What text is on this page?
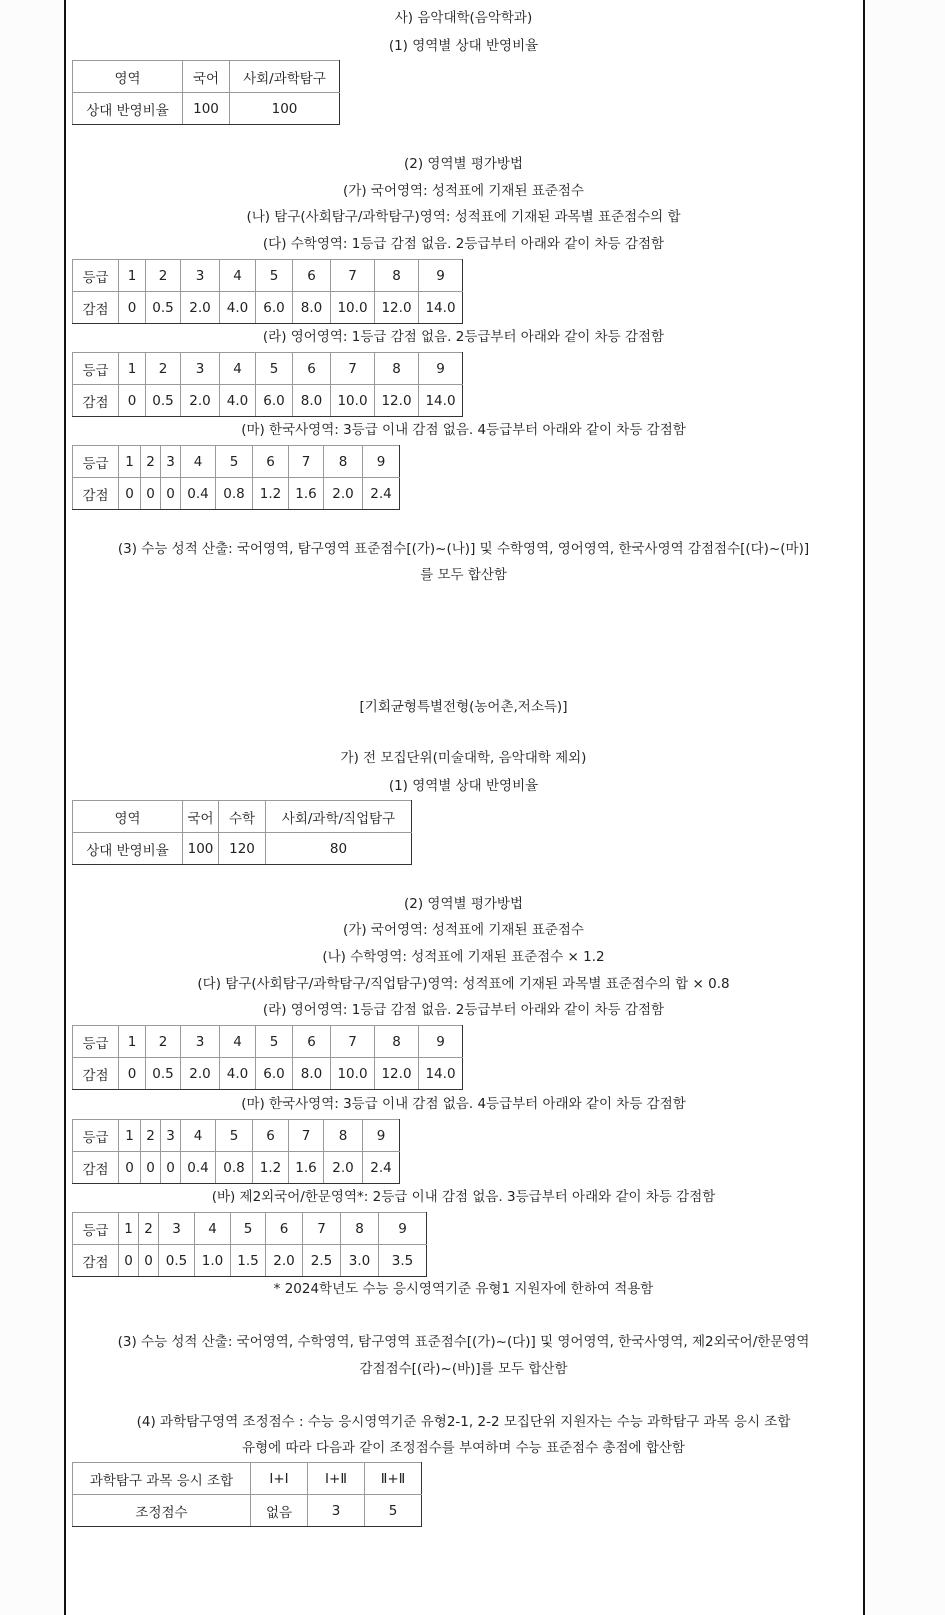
사) 음악대학(음악학과)
(1) 영역별 상대 반영비율
영역	국어	사회/과학탐구
상대 반영비율	100	100
(2) 영역별 평가방법
(가) 국어영역: 성적표에 기재된 표준점수
(나) 탐구(사회탐구/과학탐구)영역: 성적표에 기재된 과목별 표준점수의 합
(다) 수학영역: 1등급 감점 없음. 2등급부터 아래와 같이 차등 감점함
등급	1	2	3	4	5	6	7	8	9
감점	0	0.5	2.0	4.0	6.0	8.0	10.0	12.0	14.0
(라) 영어영역: 1등급 감점 없음. 2등급부터 아래와 같이 차등 감점함
등급	1	2	3	4	5	6	7	8	9
감점	0	0.5	2.0	4.0	6.0	8.0	10.0	12.0	14.0
(마) 한국사영역: 3등급 이내 감점 없음. 4등급부터 아래와 같이 차등 감점함
등급	1	2	3	4	5	6	7	8	9
감점	0	0	0	0.4	0.8	1.2	1.6	2.0	2.4
(3) 수능 성적 산출: 국어영역, 탐구영역 표준점수[(가)~(나)] 및 수학영역, 영어영역, 한국사영역 감점점수[(다)~(마)]
를 모두 합산함
[기회균형특별전형(농어촌,저소득)]
가) 전 모집단위(미술대학, 음악대학 제외)
(1) 영역별 상대 반영비율
영역	국어	수학	사회/과학/직업탐구
상대 반영비율	100	120	80
(2) 영역별 평가방법
(가) 국어영역: 성적표에 기재된 표준점수
(나) 수학영역: 성적표에 기재된 표준점수 × 1.2
(다) 탐구(사회탐구/과학탐구/직업탐구)영역: 성적표에 기재된 과목별 표준점수의 합 × 0.8
(라) 영어영역: 1등급 감점 없음. 2등급부터 아래와 같이 차등 감점함
등급	1	2	3	4	5	6	7	8	9
감점	0	0.5	2.0	4.0	6.0	8.0	10.0	12.0	14.0
(마) 한국사영역: 3등급 이내 감점 없음. 4등급부터 아래와 같이 차등 감점함
등급	1	2	3	4	5	6	7	8	9
감점	0	0	0	0.4	0.8	1.2	1.6	2.0	2.4
(바) 제2외국어/한문영역*: 2등급 이내 감점 없음. 3등급부터 아래와 같이 차등 감점함
등급	1	2	3	4	5	6	7	8	9
감점	0	0	0.5	1.0	1.5	2.0	2.5	3.0	3.5
* 2024학년도 수능 응시영역기준 유형1 지원자에 한하여 적용함
(3) 수능 성적 산출: 국어영역, 수학영역, 탐구영역 표준점수[(가)~(다)] 및 영어영역, 한국사영역, 제2외국어/한문영역
감점점수[(라)~(바)]를 모두 합산함
(4) 과학탐구영역 조정점수 : 수능 응시영역기준 유형2-1, 2-2 모집단위 지원자는 수능 과학탐구 과목 응시 조합
유형에 따라 다음과 같이 조정점수를 부여하며 수능 표준점수 총점에 합산함
과학탐구 과목 응시 조합	Ⅰ+Ⅰ	Ⅰ+Ⅱ	Ⅱ+Ⅱ
조정점수	없음	3	5
